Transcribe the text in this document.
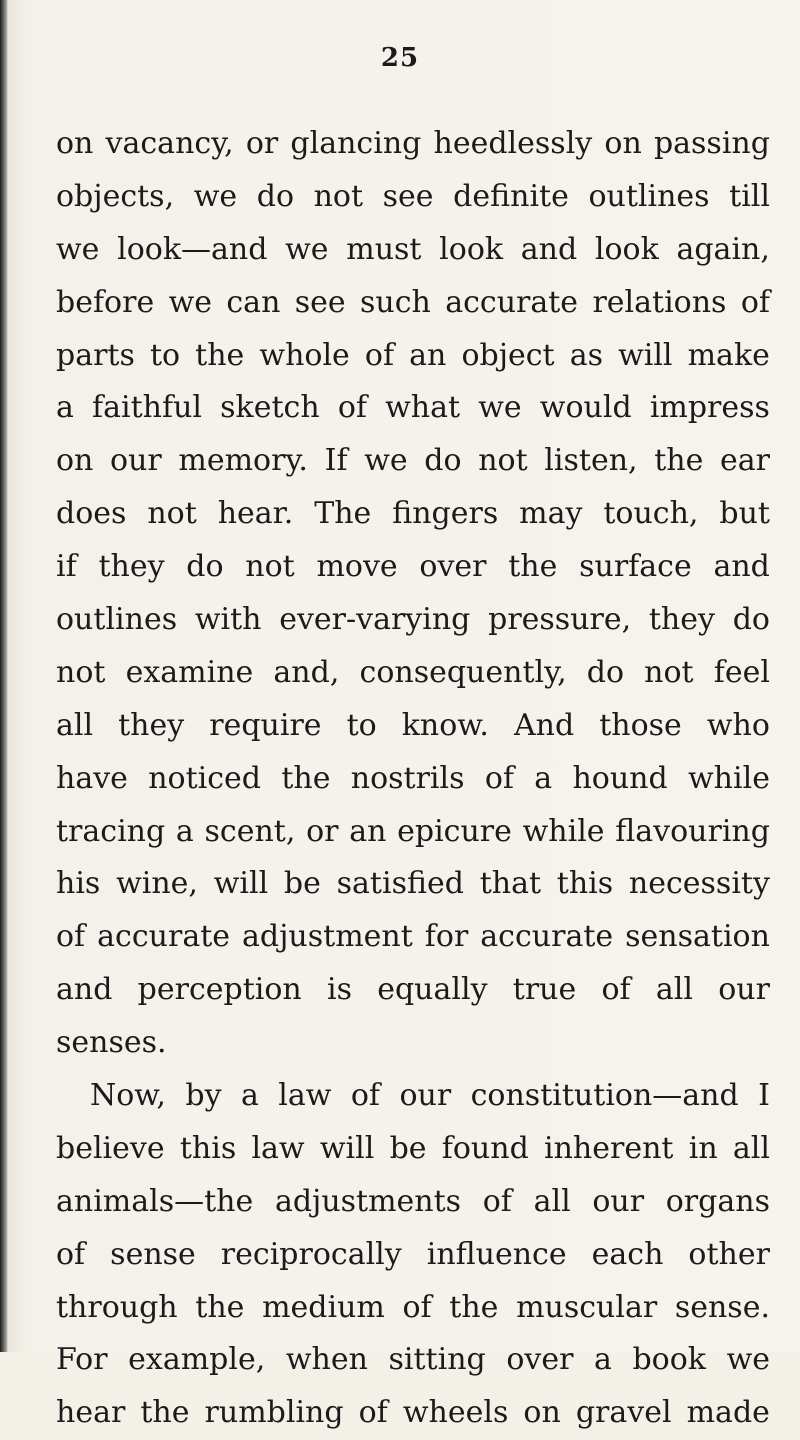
25
on vacancy, or glancing heedlessly on passing
objects, we do not see definite outlines till
we look—and we must look and look again,
before we can see such accurate relations of
parts to the whole of an object as will make
a faithful sketch of what we would impress
on our memory. If we do not listen, the ear
does not hear. The fingers may touch, but
if they do not move over the surface and
outlines with ever-varying pressure, they do
not examine and, consequently, do not feel
all they require to know. And those who
have noticed the nostrils of a hound while
tracing a scent, or an epicure while flavouring
his wine, will be satisfied that this necessity
of accurate adjustment for accurate sensation
and perception is equally true of all our
senses.
Now, by a law of our constitution—and I
believe this law will be found inherent in all
animals—the adjustments of all our organs
of sense reciprocally influence each other
through the medium of the muscular sense.
For example, when sitting over a book we
hear the rumbling of wheels on gravel made
